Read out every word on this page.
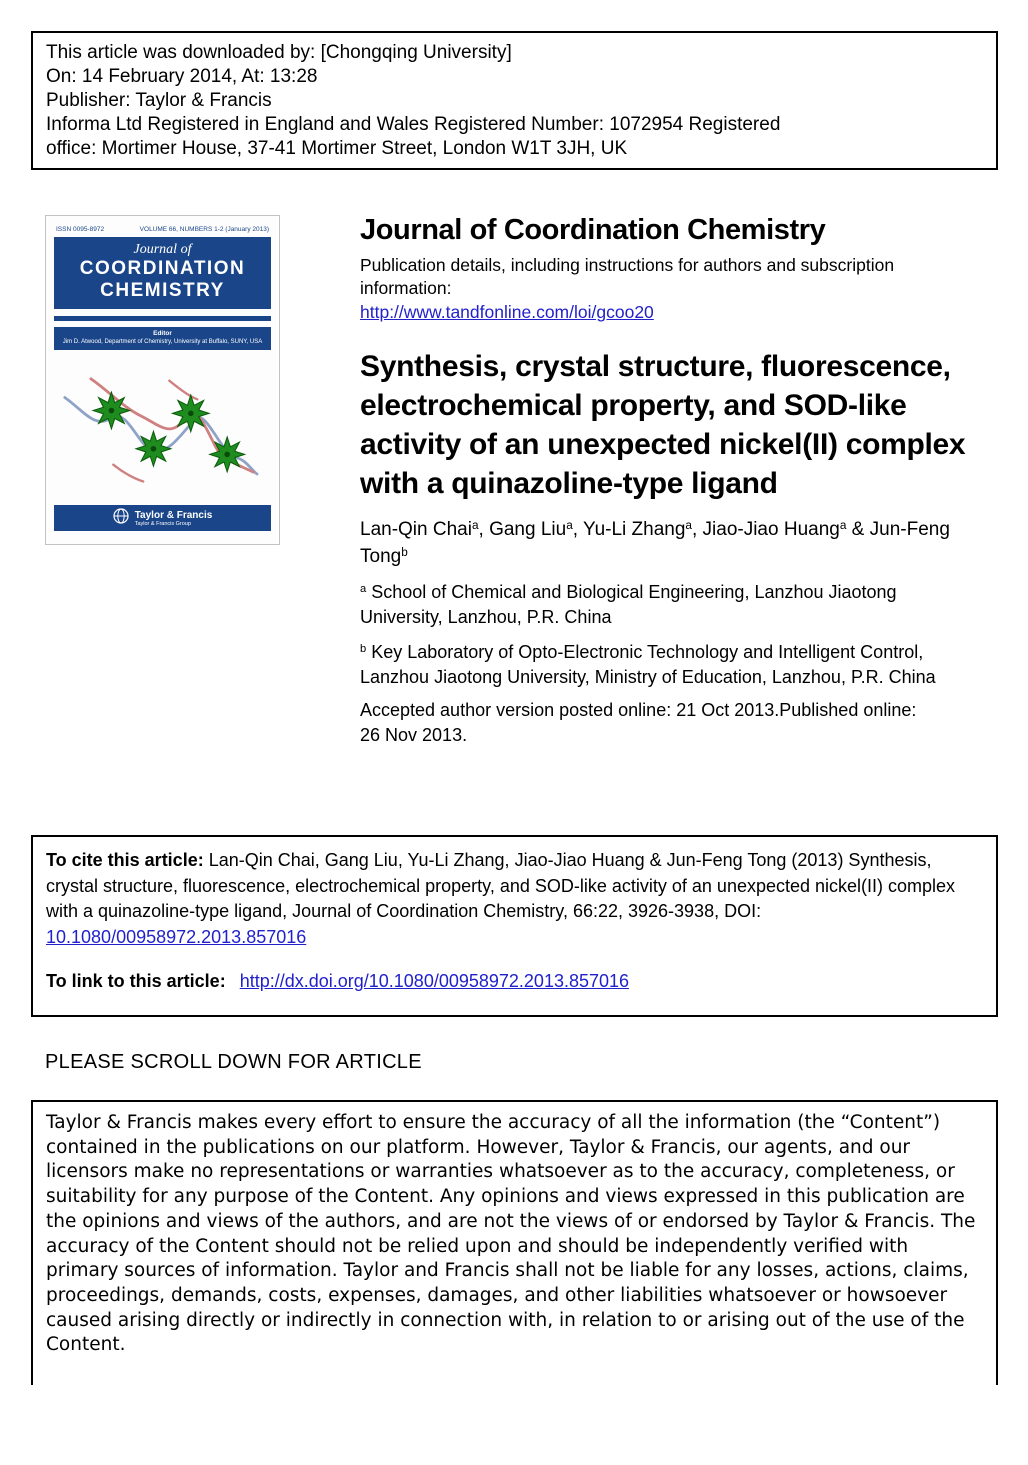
This article was downloaded by: [Chongqing University]
On: 14 February 2014, At: 13:28
Publisher: Taylor & Francis
Informa Ltd Registered in England and Wales Registered Number: 1072954 Registered
office: Mortimer House, 37-41 Mortimer Street, London W1T 3JH, UK
ISSN 0095-8972	VOLUME 66, NUMBERS 1-2 (January 2013)
Journal of
COORDINATION
CHEMISTRY
Editor
Jim D. Atwood, Department of Chemistry, University at Buffalo, SUNY, USA
Taylor & Francis
Taylor & Francis Group
Journal of Coordination Chemistry
Publication details, including instructions for authors and subscription information:
http://www.tandfonline.com/loi/gcoo20
Synthesis, crystal structure, fluorescence, electrochemical property, and SOD-like activity of an unexpected nickel(II) complex with a quinazoline-type ligand
Lan-Qin Chai$^a$, Gang Liu$^a$, Yu-Li Zhang$^a$, Jiao-Jiao Huang$^a$ & Jun-Feng Tong$^b$

$^a$ School of Chemical and Biological Engineering, Lanzhou Jiaotong University, Lanzhou, P.R. China

$^b$ Key Laboratory of Opto-Electronic Technology and Intelligent Control, Lanzhou Jiaotong University, Ministry of Education, Lanzhou, P.R. China

Accepted author version posted online: 21 Oct 2013.Published online: 26 Nov 2013.

To cite this article: Lan-Qin Chai, Gang Liu, Yu-Li Zhang, Jiao-Jiao Huang & Jun-Feng Tong (2013) Synthesis, crystal structure, fluorescence, electrochemical property, and SOD-like activity of an unexpected nickel(II) complex with a quinazoline-type ligand, Journal of Coordination Chemistry, 66:22, 3926-3938, DOI: 10.1080/00958972.2013.857016

To link to this article: http://dx.doi.org/10.1080/00958972.2013.857016

PLEASE SCROLL DOWN FOR ARTICLE

Taylor & Francis makes every effort to ensure the accuracy of all the information (the “Content”) contained in the publications on our platform. However, Taylor & Francis, our agents, and our licensors make no representations or warranties whatsoever as to the accuracy, completeness, or suitability for any purpose of the Content. Any opinions and views expressed in this publication are the opinions and views of the authors, and are not the views of or endorsed by Taylor & Francis. The accuracy of the Content should not be relied upon and should be independently verified with primary sources of information. Taylor and Francis shall not be liable for any losses, actions, claims, proceedings, demands, costs, expenses, damages, and other liabilities whatsoever or howsoever caused arising directly or indirectly in connection with, in relation to or arising out of the use of the Content.
